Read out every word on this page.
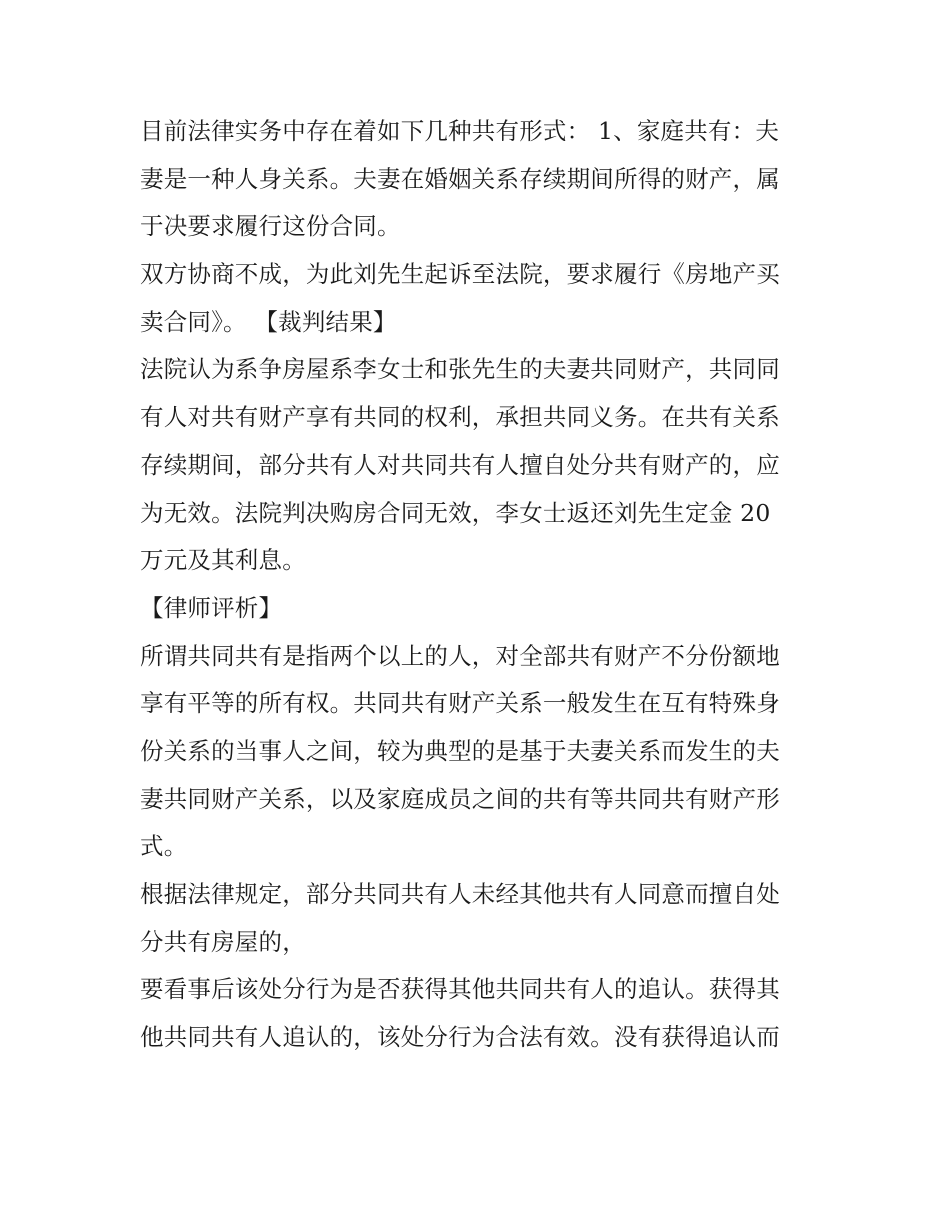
目前法律实务中存在着如下几种共有形式： 1、家庭共有：夫
妻是一种人身关系。夫妻在婚姻关系存续期间所得的财产，属
于决要求履行这份合同。
双方协商不成，为此刘先生起诉至法院，要求履行《房地产买
卖合同》。 【裁判结果】
法院认为系争房屋系李女士和张先生的夫妻共同财产，共同同
有人对共有财产享有共同的权利，承担共同义务。在共有关系
存续期间，部分共有人对共同共有人擅自处分共有财产的，应
为无效。法院判决购房合同无效，李女士返还刘先生定金 20
万元及其利息。
【律师评析】
所谓共同共有是指两个以上的人，对全部共有财产不分份额地
享有平等的所有权。共同共有财产关系一般发生在互有特殊身
份关系的当事人之间，较为典型的是基于夫妻关系而发生的夫
妻共同财产关系，以及家庭成员之间的共有等共同共有财产形
式。
根据法律规定，部分共同共有人未经其他共有人同意而擅自处
分共有房屋的，
要看事后该处分行为是否获得其他共同共有人的追认。获得其
他共同共有人追认的，该处分行为合法有效。没有获得追认而
